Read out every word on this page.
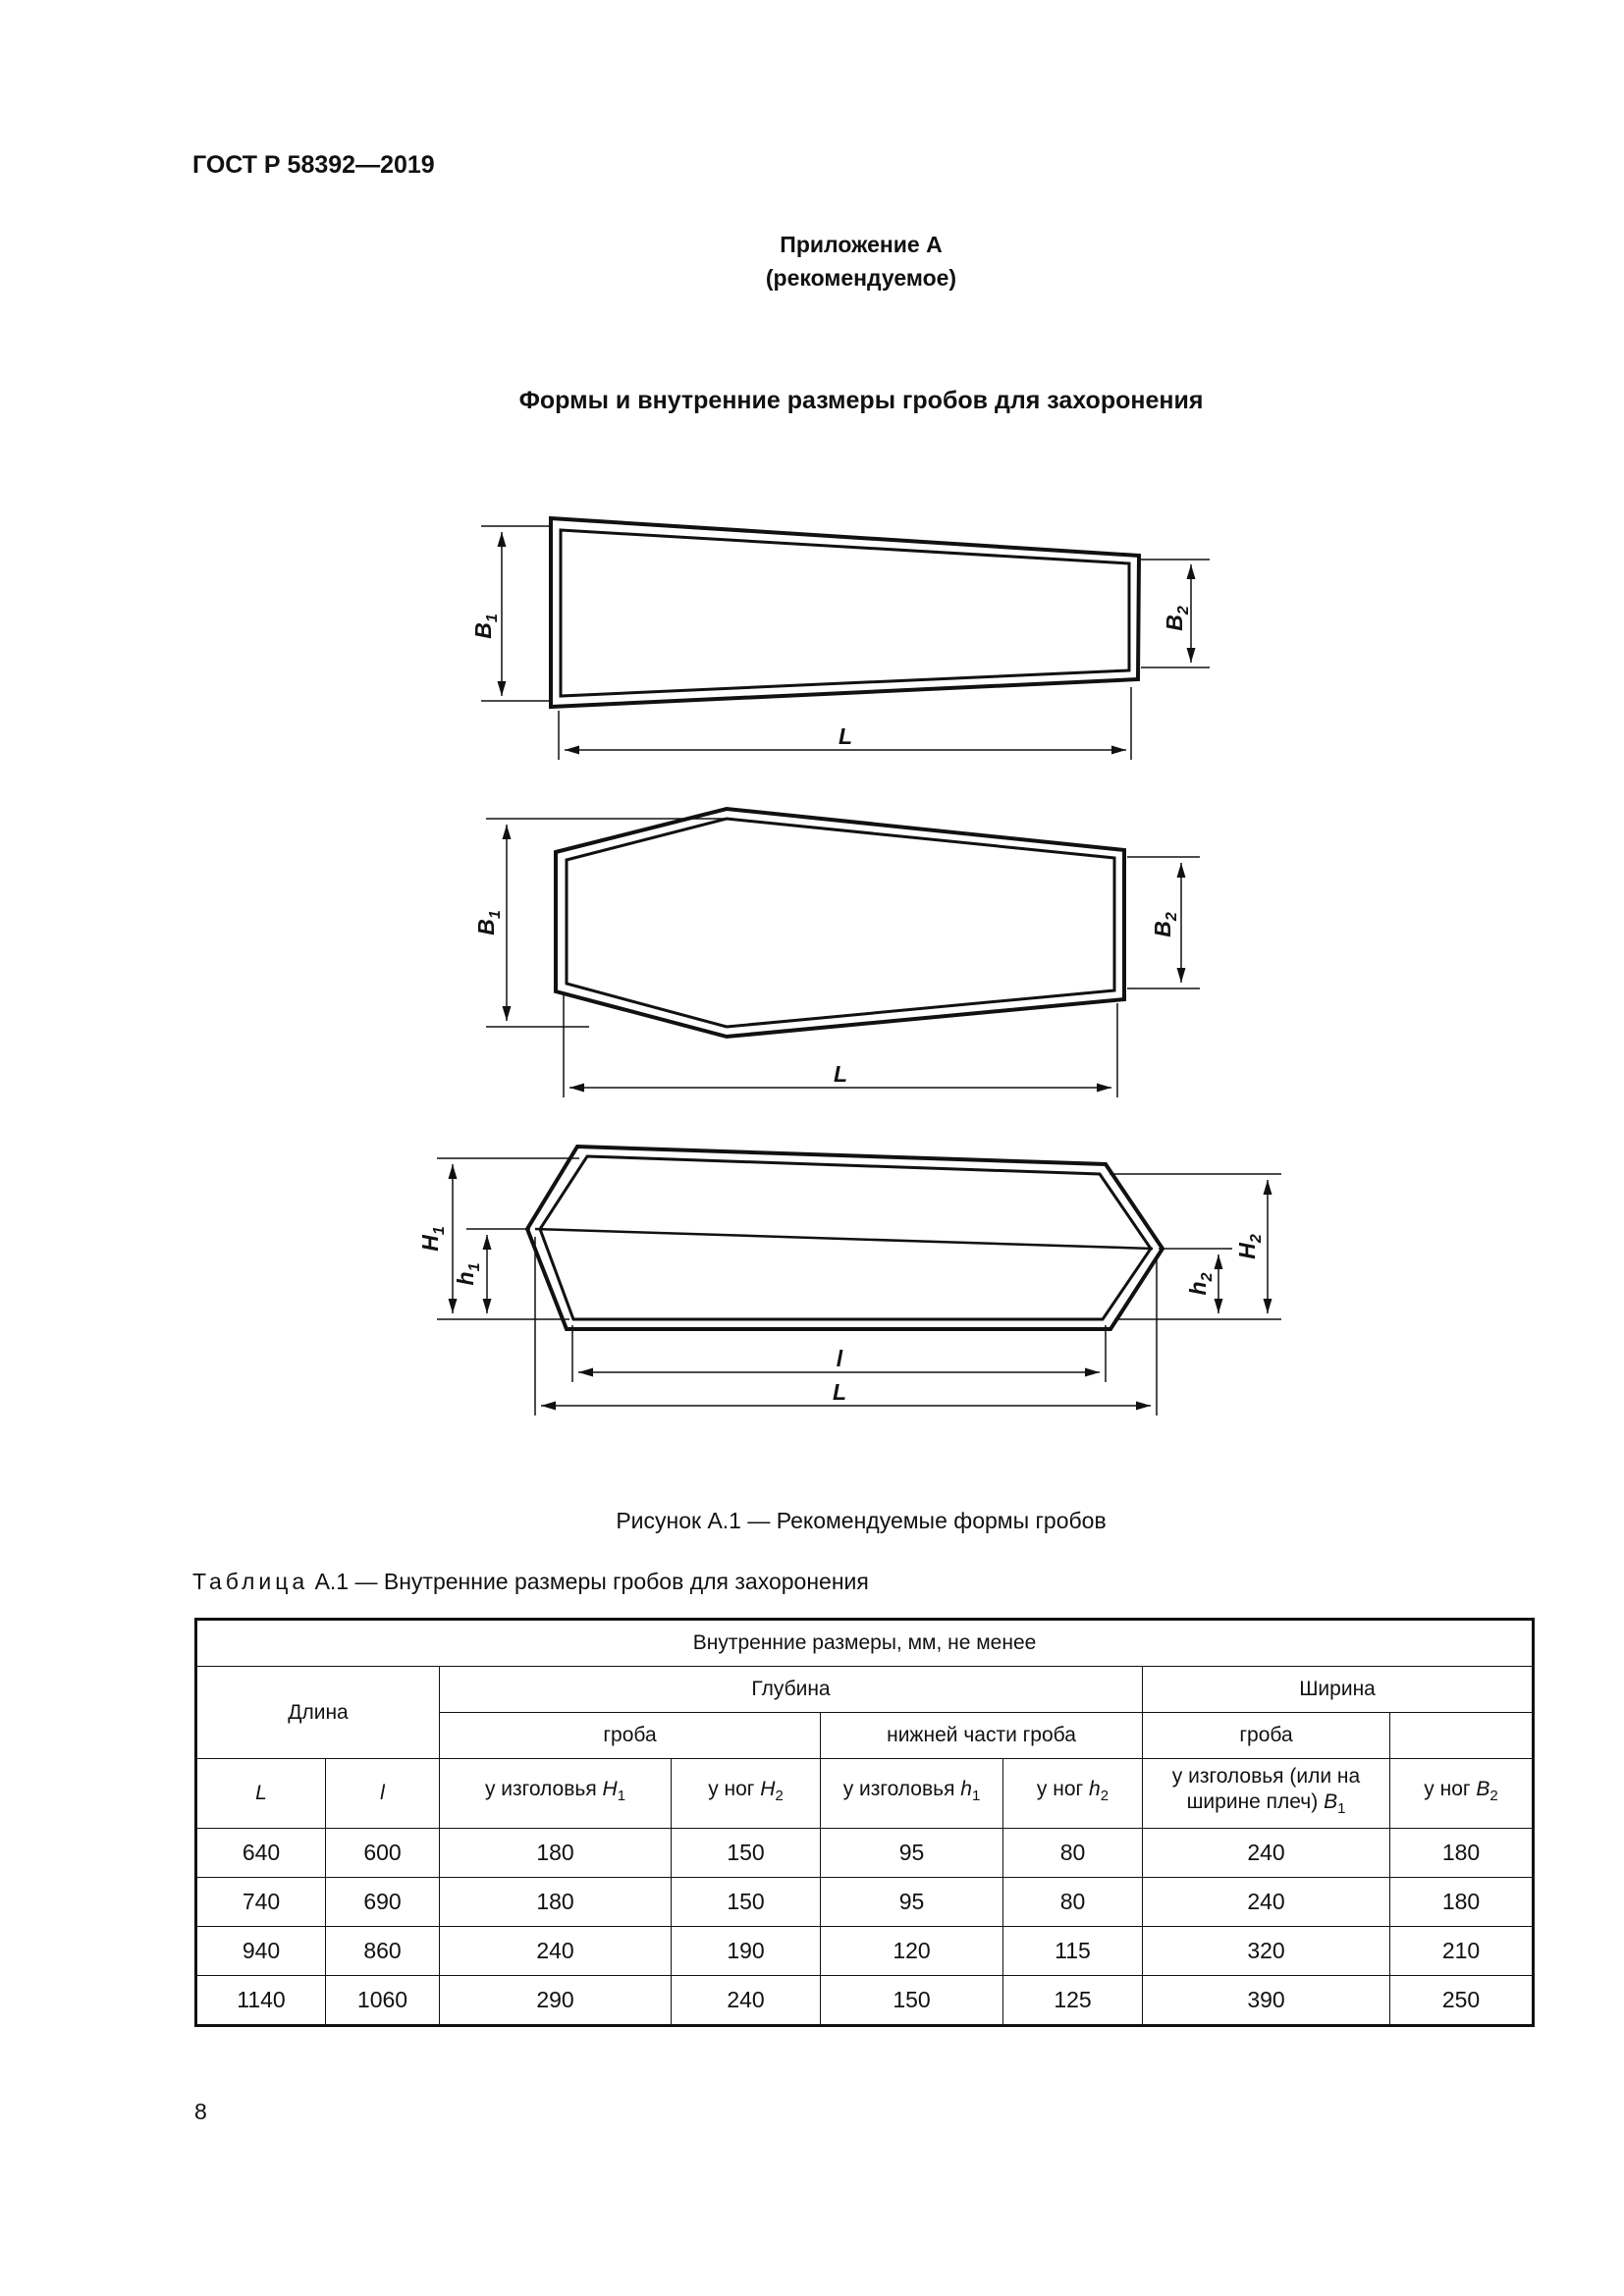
ГОСТ Р 58392—2019
Приложение А
(рекомендуемое)
Формы и внутренние размеры гробов для захоронения
$B_1$	$B_2$
L
$B_1$
$B_2$
L
$H_1$
$h_1$
$h_2$
$H_2$
l
L
Рисунок А.1 — Рекомендуемые формы гробов
Таблица А.1 — Внутренние размеры гробов для захоронения
Внутренние размеры, мм, не менее							
Длина		Глубина				Ширина	
		гроба		нижней части гроба		гроба	
L	l	у изголовья $H_1$	у ног $H_2$	у изголовья $h_1$	у ног $h_2$	у изголовья (или на ширине плеч) $B_1$	у ног $B_2$
640	600	180	150	95	80	240	180
740	690	180	150	95	80	240	180
940	860	240	190	120	115	320	210
1140	1060	290	240	150	125	390	250
8
